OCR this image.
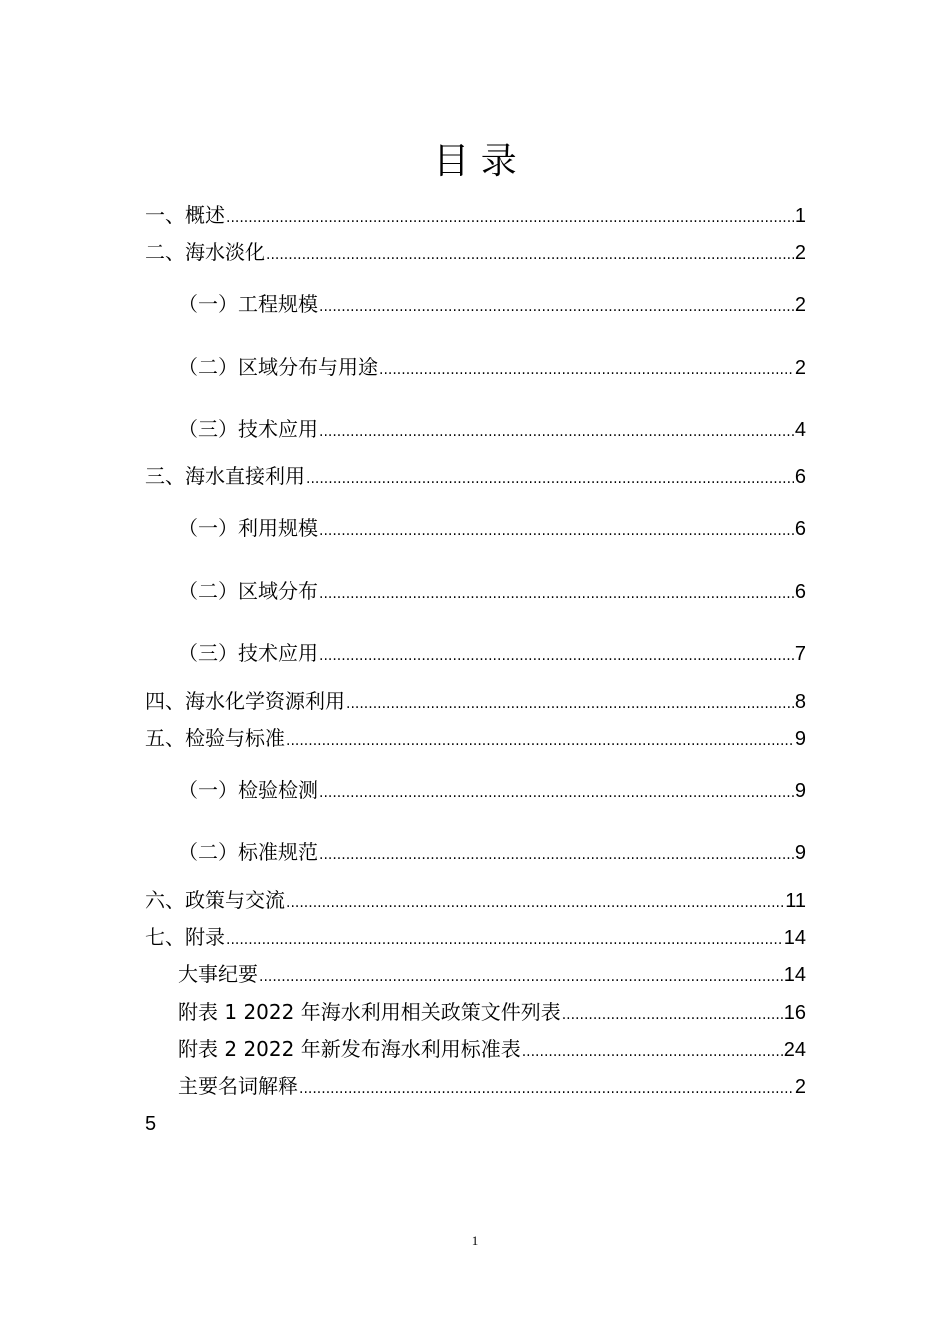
目 录
一、概述 .....	1
二、海水淡化 .....	2
（一）工程规模 .....	2
（二）区域分布与用途 .....	2
（三）技术应用 .....	4
三、海水直接利用 .....	6
（一）利用规模 .....	6
（二）区域分布 .....	6
（三）技术应用 .....	7
四、海水化学资源利用 .....	8
五、检验与标准 .....	9
（一）检验检测 .....	9
（二）标准规范 .....	9
六、政策与交流 .....	11
七、附录 .....	14
大事纪要 .....	14
附表 1 2022 年海水利用相关政策文件列表 .....	16
附表 2 2022 年新发布海水利用标准表 .....	24
主要名词解释 .....	2
5
1
